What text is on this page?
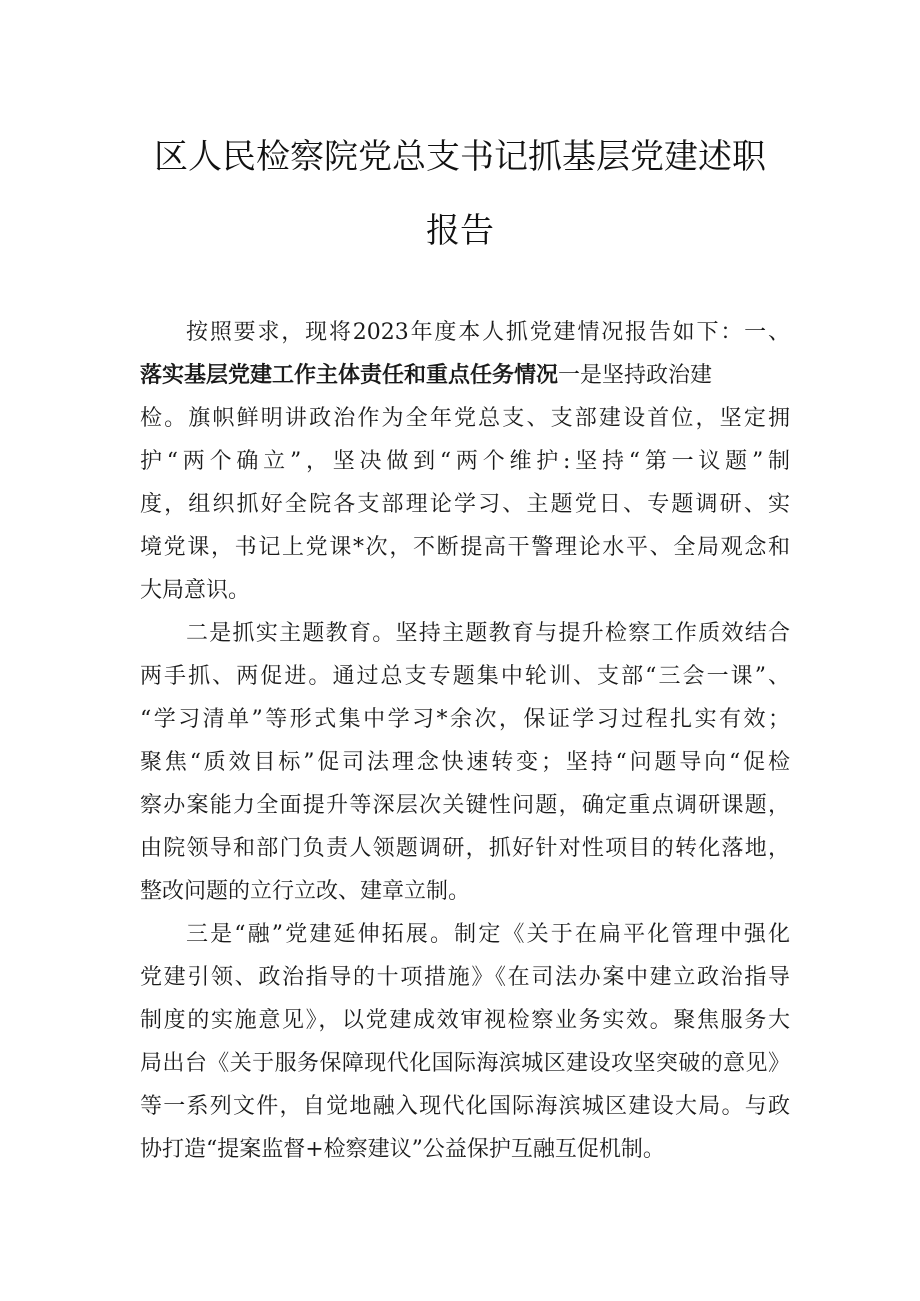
区人民检察院党总支书记抓基层党建述职
报告
按照要求，现将2023年度本人抓党建情况报告如下：一、
落实基层党建工作主体责任和重点任务情况一是坚持政治建
检。旗帜鲜明讲政治作为全年党总支、支部建设首位，坚定拥
护“两个确立”，坚决做到“两个维护:坚持“第一议题”制
度，组织抓好全院各支部理论学习、主题党日、专题调研、实
境党课，书记上党课*次，不断提高干警理论水平、全局观念和
大局意识。
二是抓实主题教育。坚持主题教育与提升检察工作质效结合
两手抓、两促进。通过总支专题集中轮训、支部“三会一课”、
“学习清单”等形式集中学习*余次，保证学习过程扎实有效；
聚焦“质效目标”促司法理念快速转变；坚持“问题导向“促检
察办案能力全面提升等深层次关键性问题，确定重点调研课题，
由院领导和部门负责人领题调研，抓好针对性项目的转化落地，
整改问题的立行立改、建章立制。
三是“融”党建延伸拓展。制定《关于在扁平化管理中强化
党建引领、政治指导的十项措施》《在司法办案中建立政治指导
制度的实施意见》，以党建成效审视检察业务实效。聚焦服务大
局出台《关于服务保障现代化国际海滨城区建设攻坚突破的意见》
等一系列文件，自觉地融入现代化国际海滨城区建设大局。与政
协打造“提案监督+检察建议”公益保护互融互促机制。
